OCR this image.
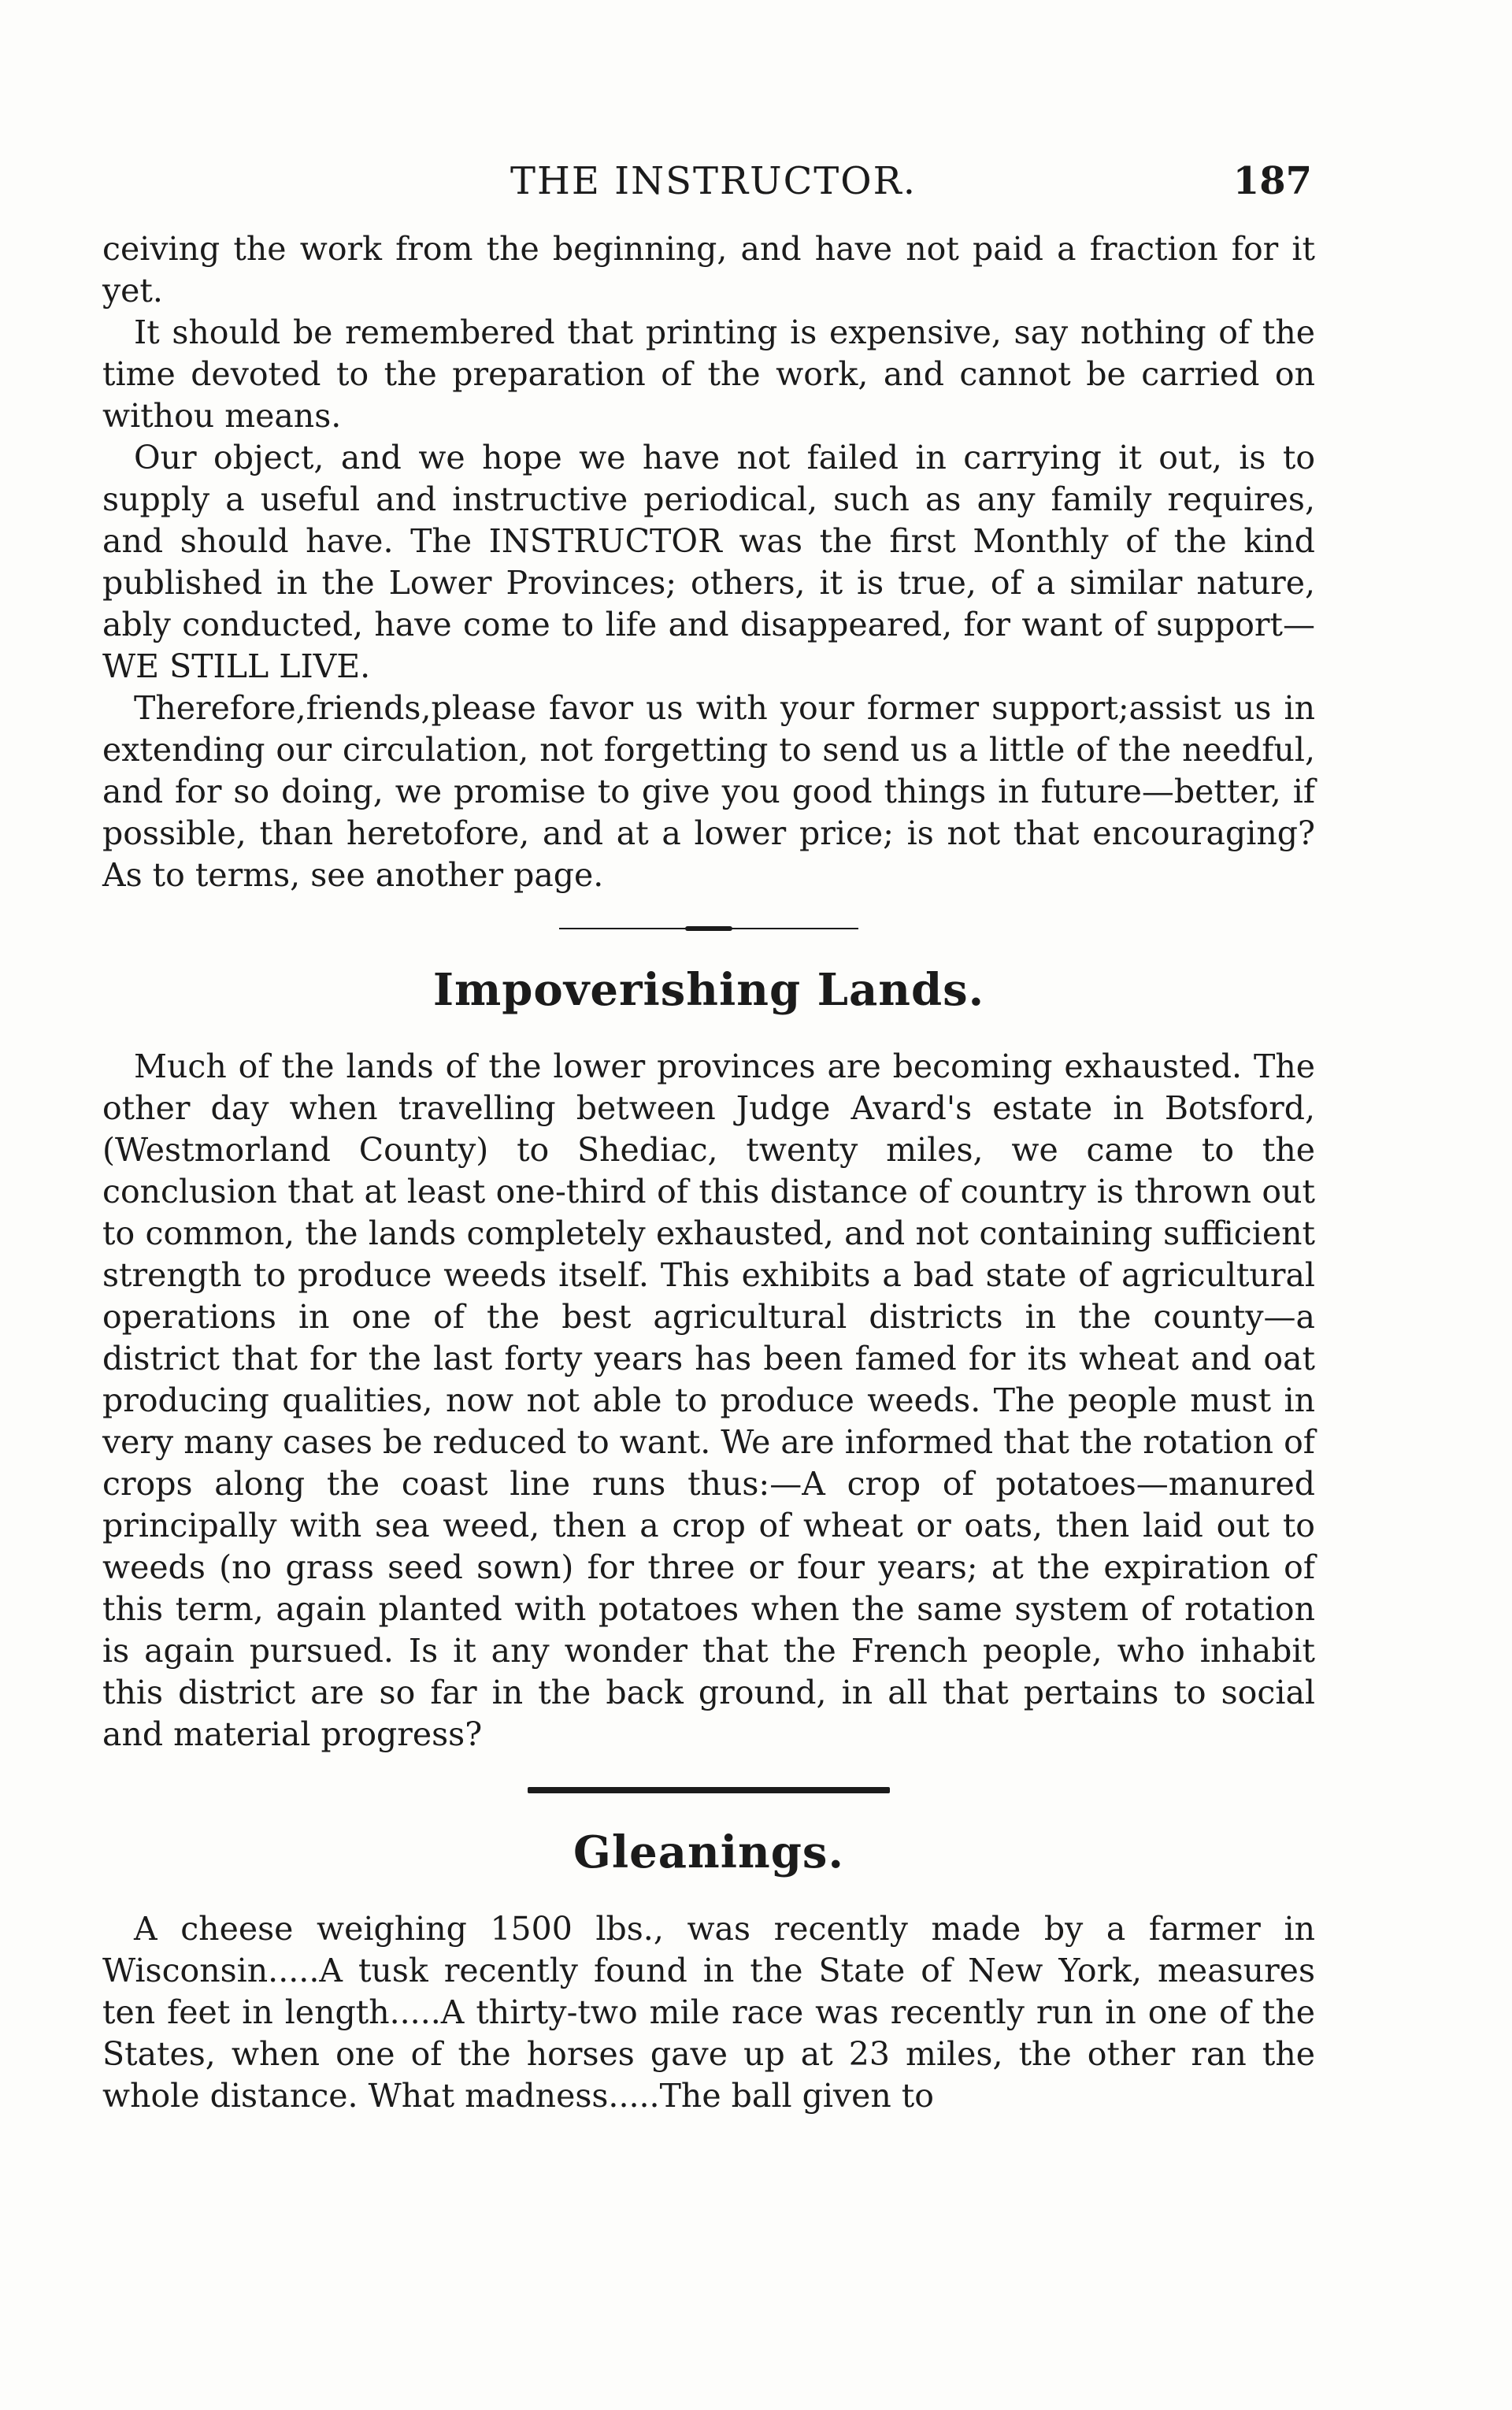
THE INSTRUCTOR.	187

ceiving the work from the beginning, and have not paid a fraction for it yet.

It should be remembered that printing is expensive, say nothing of the time devoted to the preparation of the work, and cannot be carried on withou means.

Our object, and we hope we have not failed in carrying it out, is to supply a useful and instructive periodical, such as any family requires, and should have. The INSTRUCTOR was the first Monthly of the kind published in the Lower Provinces; others, it is true, of a similar nature, ably conducted, have come to life and disappeared, for want of support—WE STILL LIVE.

Therefore,friends,please favor us with your former support;assist us in extending our circulation, not forgetting to send us a little of the needful, and for so doing, we promise to give you good things in future—better, if possible, than heretofore, and at a lower price; is not that encouraging? As to terms, see another page.

Impoverishing Lands.

Much of the lands of the lower provinces are becoming exhausted. The other day when travelling between Judge Avard's estate in Botsford, (Westmorland County) to Shediac, twenty miles, we came to the conclusion that at least one-third of this distance of country is thrown out to common, the lands completely exhausted, and not containing sufficient strength to produce weeds itself. This exhibits a bad state of agricultural operations in one of the best agricultural districts in the county—a district that for the last forty years has been famed for its wheat and oat producing qualities, now not able to produce weeds. The people must in very many cases be reduced to want. We are informed that the rotation of crops along the coast line runs thus:—A crop of potatoes—manured principally with sea weed, then a crop of wheat or oats, then laid out to weeds (no grass seed sown) for three or four years; at the expiration of this term, again planted with potatoes when the same system of rotation is again pursued. Is it any wonder that the French people, who inhabit this district are so far in the back ground, in all that pertains to social and material progress?

Gleanings.

A cheese weighing 1500 lbs., was recently made by a farmer in Wisconsin.....A tusk recently found in the State of New York, measures ten feet in length.....A thirty-two mile race was recently run in one of the States, when one of the horses gave up at 23 miles, the other ran the whole distance. What madness.....The ball given to
